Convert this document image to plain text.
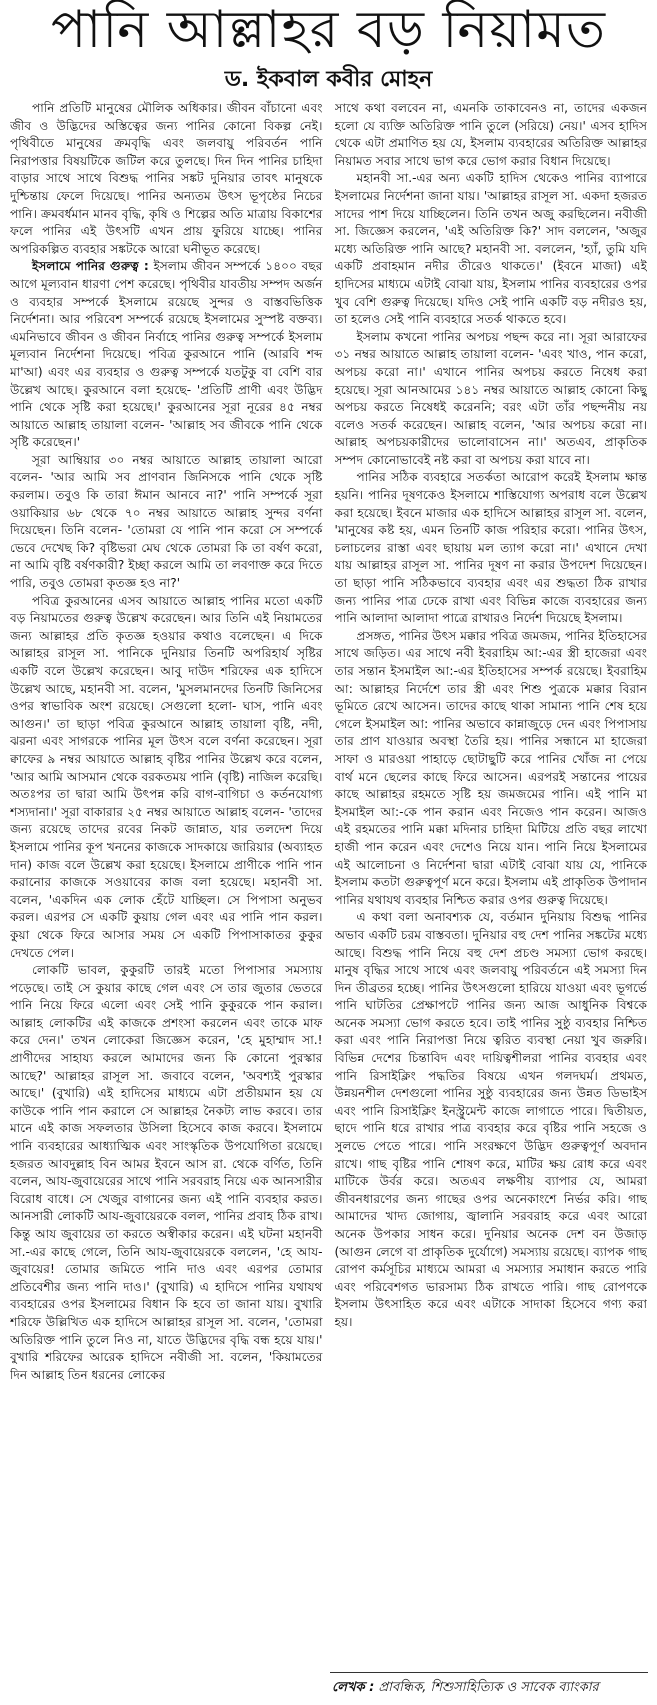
পানি আল্লাহর বড় নিয়ামত
ড. ইকবাল কবীর মোহন

পানি প্রতিটি মানুষের মৌলিক অধিকার। জীবন বাঁচানো এবং জীব ও উদ্ভিদের অস্তিত্বের জন্য পানির কোনো বিকল্প নেই। পৃথিবীতে মানুষের ক্রমবৃদ্ধি এবং জলবায়ু পরিবর্তন পানি নিরাপত্তার বিষয়টিকে জটিল করে তুলছে। দিন দিন পানির চাহিদা বাড়ার সাথে সাথে বিশুদ্ধ পানির সঙ্কট দুনিয়ার তাবৎ মানুষকে দুশ্চিন্তায় ফেলে দিয়েছে। পানির অন্যতম উৎস ভূপৃষ্ঠের নিচের পানি। ক্রমবর্ধমান মানব বৃদ্ধি, কৃষি ও শিল্পের অতি মাত্রায় বিকাশের ফলে পানির এই উৎসটি এখন প্রায় ফুরিয়ে যাচ্ছে। পানির অপরিকল্পিত ব্যবহার সঙ্কটকে আরো ঘনীভূত করেছে।

ইসলামে পানির গুরুত্ব : ইসলাম জীবন সম্পর্কে ১৪০০ বছর আগে মূল্যবান ধারণা পেশ করেছে। পৃথিবীর যাবতীয় সম্পদ অর্জন ও ব্যবহার সম্পর্কে ইসলামে রয়েছে সুন্দর ও বাস্তবভিত্তিক নির্দেশনা। আর পরিবেশ সম্পর্কে রয়েছে ইসলামের সুস্পষ্ট বক্তব্য। এমনিভাবে জীবন ও জীবন নির্বাহে পানির গুরুত্ব সম্পর্কে ইসলাম মূল্যবান নির্দেশনা দিয়েছে। পবিত্র কুরআনে পানি (আরবি শব্দ মা'আ) এবং এর ব্যবহার ও গুরুত্ব সম্পর্কে যতটুকু বা বেশি বার উল্লেখ আছে। কুরআনে বলা হয়েছে- 'প্রতিটি প্রাণী এবং উদ্ভিদ পানি থেকে সৃষ্টি করা হয়েছে।' কুরআনের সূরা নূরের ৪৫ নম্বর আয়াতে আল্লাহ তায়ালা বলেন- 'আল্লাহ সব জীবকে পানি থেকে সৃষ্টি করেছেন।'

সূরা আম্বিয়ার ৩০ নম্বর আয়াতে আল্লাহ তায়ালা আরো বলেন- 'আর আমি সব প্রাণবান জিনিসকে পানি থেকে সৃষ্টি করলাম। তবুও কি তারা ঈমান আনবে না?' পানি সম্পর্কে সূরা ওয়াকিয়ার ৬৮ থেকে ৭০ নম্বর আয়াতে আল্লাহ সুন্দর বর্ণনা দিয়েছেন। তিনি বলেন- 'তোমরা যে পানি পান করো সে সম্পর্কে ভেবে দেখেছ কি? বৃষ্টিভরা মেঘ থেকে তোমরা কি তা বর্ষণ করো, না আমি বৃষ্টি বর্ষণকারী? ইচ্ছা করলে আমি তা লবণাক্ত করে দিতে পারি, তবুও তোমরা কৃতজ্ঞ হও না?'

পবিত্র কুরআনের এসব আয়াতে আল্লাহ পানির মতো একটি বড় নিয়ামতের গুরুত্ব উল্লেখ করেছেন। আর তিনি এই নিয়ামতের জন্য আল্লাহর প্রতি কৃতজ্ঞ হওয়ার কথাও বলেছেন। এ দিকে আল্লাহর রাসূল সা. পানিকে দুনিয়ার তিনটি অপরিহার্য সৃষ্টির একটি বলে উল্লেখ করেছেন। আবু দাউদ শরিফের এক হাদিসে উল্লেখ আছে, মহানবী সা. বলেন, 'মুসলমানদের তিনটি জিনিসের ওপর স্বাভাবিক অংশ রয়েছে। সেগুলো হলো- ঘাস, পানি এবং আগুন।' তা ছাড়া পবিত্র কুরআনে আল্লাহ তায়ালা বৃষ্টি, নদী, ঝরনা এবং সাগরকে পানির মূল উৎস বলে বর্ণনা করেছেন। সূরা ক্বাফের ৯ নম্বর আয়াতে আল্লাহ বৃষ্টির পানির উল্লেখ করে বলেন, 'আর আমি আসমান থেকে বরকতময় পানি (বৃষ্টি) নাজিল করেছি। অতঃপর তা দ্বারা আমি উৎপন্ন করি বাগ-বাগিচা ও কর্তনযোগ্য শস্যদানা।' সূরা বাকারার ২৫ নম্বর আয়াতে আল্লাহ বলেন- 'তাদের জন্য রয়েছে তাদের রবের নিকট জান্নাত, যার তলদেশ দিয়ে ইসলামে পানির কূপ খননের কাজকে সাদকায়ে জারিয়ার (অব্যাহত দান) কাজ বলে উল্লেখ করা হয়েছে। ইসলামে প্রাণীকে পানি পান করানোর কাজকে সওয়াবের কাজ বলা হয়েছে। মহানবী সা. বলেন, 'একদিন এক লোক হেঁটে যাচ্ছিল। সে পিপাসা অনুভব করল। এরপর সে একটি কুয়ায় গেল এবং এর পানি পান করল। কুয়া থেকে ফিরে আসার সময় সে একটি পিপাসাকাতর কুকুর দেখতে পেল।

লোকটি ভাবল, কুকুরটি তারই মতো পিপাসার সমস্যায় পড়েছে। তাই সে কুয়ার কাছে গেল এবং সে তার জুতার ভেতরে পানি নিয়ে ফিরে এলো এবং সেই পানি কুকুরকে পান করাল। আল্লাহ লোকটির এই কাজকে প্রশংসা করলেন এবং তাকে মাফ করে দেন।' তখন লোকেরা জিজ্ঞেস করেন, 'হে মুহাম্মাদ সা.! প্রাণীদের সাহায্য করলে আমাদের জন্য কি কোনো পুরস্কার আছে?' আল্লাহর রাসূল সা. জবাবে বলেন, 'অবশ্যই পুরস্কার আছে।' (বুখারি) এই হাদিসের মাধ্যমে এটা প্রতীয়মান হয় যে কাউকে পানি পান করালে সে আল্লাহর নৈকট্য লাভ করবে। তার মানে এই কাজ সফলতার উসিলা হিসেবে কাজ করবে। ইসলামে পানি ব্যবহারের আধ্যাত্মিক এবং সাংস্কৃতিক উপযোগিতা রয়েছে। হজরত আবদুল্লাহ বিন আমর ইবনে আস রা. থেকে বর্ণিত, তিনি বলেন, আয-জুবায়েরের সাথে পানি সরবরাহ নিয়ে এক আনসারীর বিরোধ বাধে। সে খেজুর বাগানের জন্য এই পানি ব্যবহার করত। আনসারী লোকটি আয-জুবায়েরকে বলল, পানির প্রবাহ ঠিক রাখ। কিন্তু আয জুবায়ের তা করতে অস্বীকার করেন। এই ঘটনা মহানবী সা.-এর কাছে গেলে, তিনি আয-জুবায়েরকে বললেন, 'হে আয-জুবায়ের! তোমার জমিতে পানি দাও এবং এরপর তোমার প্রতিবেশীর জন্য পানি দাও।' (বুখারি) এ হাদিসে পানির যথাযথ ব্যবহারের ওপর ইসলামের বিধান কি হবে তা জানা যায়। বুখারি শরিফে উল্লিখিত এক হাদিসে আল্লাহর রাসূল সা. বলেন, 'তোমরা অতিরিক্ত পানি তুলে নিও না, যাতে উদ্ভিদের বৃদ্ধি বন্ধ হয়ে যায়।' বুখারি শরিফের আরেক হাদিসে নবীজী সা. বলেন, 'কিয়ামতের দিন আল্লাহ তিন ধরনের লোকের

সাথে কথা বলবেন না, এমনকি তাকাবেনও না, তাদের একজন হলো যে ব্যক্তি অতিরিক্ত পানি তুলে (সরিয়ে) নেয়।' এসব হাদিস থেকে এটা প্রমাণিত হয় যে, ইসলাম ব্যবহারের অতিরিক্ত আল্লাহর নিয়ামত সবার সাথে ভাগ করে ভোগ করার বিধান দিয়েছে।

মহানবী সা.-এর অন্য একটি হাদিস থেকেও পানির ব্যাপারে ইসলামের নির্দেশনা জানা যায়। 'আল্লাহর রাসূল সা. একদা হজরত সাদের পাশ দিয়ে যাচ্ছিলেন। তিনি তখন অজু করছিলেন। নবীজী সা. জিজ্ঞেস করলেন, 'এই অতিরিক্ত কি?' সাদ বললেন, 'অজুর মধ্যে অতিরিক্ত পানি আছে? মহানবী সা. বললেন, 'হ্যাঁ, তুমি যদি একটি প্রবাহমান নদীর তীরেও থাকতে।' (ইবনে মাজা) এই হাদিসের মাধ্যমে এটাই বোঝা যায়, ইসলাম পানির ব্যবহারের ওপর খুব বেশি গুরুত্ব দিয়েছে। যদিও সেই পানি একটি বড় নদীরও হয়, তা হলেও সেই পানি ব্যবহারে সতর্ক থাকতে হবে।

ইসলাম কখনো পানির অপচয় পছন্দ করে না। সূরা আরাফের ৩১ নম্বর আয়াতে আল্লাহ তায়ালা বলেন- 'এবং খাও, পান করো, অপচয় করো না।' এখানে পানির অপচয় করতে নিষেধ করা হয়েছে। সূরা আনআমের ১৪১ নম্বর আয়াতে আল্লাহ কোনো কিছু অপচয় করতে নিষেধই করেননি; বরং এটা তাঁর পছন্দনীয় নয় বলেও সতর্ক করেছেন। আল্লাহ বলেন, 'আর অপচয় করো না। আল্লাহ অপচয়কারীদের ভালোবাসেন না।' অতএব, প্রাকৃতিক সম্পদ কোনোভাবেই নষ্ট করা বা অপচয় করা যাবে না।

পানির সঠিক ব্যবহারে সতর্কতা আরোপ করেই ইসলাম ক্ষান্ত হয়নি। পানির দূষণকেও ইসলামে শাস্তিযোগ্য অপরাধ বলে উল্লেখ করা হয়েছে। ইবনে মাজার এক হাদিসে আল্লাহর রাসূল সা. বলেন, 'মানুষের কষ্ট হয়, এমন তিনটি কাজ পরিহার করো। পানির উৎস, চলাচলের রাস্তা এবং ছায়ায় মল ত্যাগ করো না।' এখানে দেখা যায় আল্লাহর রাসূল সা. পানির দূষণ না করার উপদেশ দিয়েছেন। তা ছাড়া পানি সঠিকভাবে ব্যবহার এবং এর শুদ্ধতা ঠিক রাখার জন্য পানির পাত্র ঢেকে রাখা এবং বিভিন্ন কাজে ব্যবহারের জন্য পানি আলাদা আলাদা পাত্রে রাখারও নির্দেশ দিয়েছে ইসলাম।

প্রসঙ্গত, পানির উৎস মক্কার পবিত্র জমজম, পানির ইতিহাসের সাথে জড়িত। এর সাথে নবী ইবরাহিম আ:-এর স্ত্রী হাজেরা এবং তার সন্তান ইসমাইল আ:-এর ইতিহাসের সম্পর্ক রয়েছে। ইবরাহিম আ: আল্লাহর নির্দেশে তার স্ত্রী এবং শিশু পুত্রকে মক্কার বিরান ভূমিতে রেখে আসেন। তাদের কাছে থাকা সামান্য পানি শেষ হয়ে গেলে ইসমাইল আ: পানির অভাবে কান্নাজুড়ে দেন এবং পিপাসায় তার প্রাণ যাওয়ার অবস্থা তৈরি হয়। পানির সন্ধানে মা হাজেরা সাফা ও মারওয়া পাহাড়ে ছোটাছুটি করে পানির খোঁজ না পেয়ে বার্থ মনে ছেলের কাছে ফিরে আসেন। এরপরই সন্তানের পায়ের কাছে আল্লাহর রহমতে সৃষ্টি হয় জমজমের পানি। এই পানি মা ইসমাইল আ:-কে পান করান এবং নিজেও পান করেন। আজও এই রহমতের পানি মক্কা মদিনার চাহিদা মিটিয়ে প্রতি বছর লাখো হাজী পান করেন এবং দেশেও নিয়ে যান। পানি নিয়ে ইসলামের এই আলোচনা ও নির্দেশনা দ্বারা এটাই বোঝা যায় যে, পানিকে ইসলাম কতটা গুরুত্বপূর্ণ মনে করে। ইসলাম এই প্রাকৃতিক উপাদান পানির যথাযথ ব্যবহার নিশ্চিত করার ওপর গুরুত্ব দিয়েছে।

এ কথা বলা অনাবশ্যক যে, বর্তমান দুনিয়ায় বিশুদ্ধ পানির অভাব একটি চরম বাস্তবতা। দুনিয়ার বহু দেশ পানির সঙ্কটের মধ্যে আছে। বিশুদ্ধ পানি নিয়ে বহু দেশ প্রচণ্ড সমস্যা ভোগ করছে। মানুষ বৃদ্ধির সাথে সাথে এবং জলবায়ু পরিবর্তনে এই সমস্যা দিন দিন তীব্রতর হচ্ছে। পানির উৎসগুলো হারিয়ে যাওয়া এবং ভূগর্ভে পানি ঘাটতির প্রেক্ষাপটে পানির জন্য আজ আধুনিক বিশ্বকে অনেক সমস্যা ভোগ করতে হবে। তাই পানির সুষ্ঠু ব্যবহার নিশ্চিত করা এবং পানি নিরাপত্তা নিয়ে ত্বরিত ব্যবস্থা নেয়া খুব জরুরি। বিভিন্ন দেশের চিন্তাবিদ এবং দায়িত্বশীলরা পানির ব্যবহার এবং পানি রিসাইক্লিং পদ্ধতির বিষয়ে এখন গলদঘর্ম। প্রথমত, উন্নয়নশীল দেশগুলো পানির সুষ্ঠু ব্যবহারের জন্য উন্নত ডিভাইস এবং পানি রিসাইক্লিং ইনস্ট্রুমেন্ট কাজে লাগাতে পারে। দ্বিতীয়ত, ছাদে পানি ধরে রাখার পাত্র ব্যবহার করে বৃষ্টির পানি সহজে ও সুলভে পেতে পারে। পানি সংরক্ষণে উদ্ভিদ গুরুত্বপূর্ণ অবদান রাখে। গাছ বৃষ্টির পানি শোষণ করে, মাটির ক্ষয় রোধ করে এবং মাটিকে উর্বর করে। অতএব লক্ষণীয় ব্যাপার যে, আমরা জীবনধারণের জন্য গাছের ওপর অনেকাংশে নির্ভর করি। গাছ আমাদের খাদ্য জোগায়, জ্বালানি সরবরাহ করে এবং আরো অনেক উপকার সাধন করে। দুনিয়ার অনেক দেশ বন উজাড় (আগুন লেগে বা প্রাকৃতিক দুর্যোগে) সমস্যায় রয়েছে। ব্যাপক গাছ রোপণ কর্মসূচির মাধ্যমে আমরা এ সমস্যার সমাধান করতে পারি এবং পরিবেশগত ভারসাম্য ঠিক রাখতে পারি। গাছ রোপণকে ইসলাম উৎসাহিত করে এবং এটাকে সাদাকা হিসেবে গণ্য করা হয়।

লেখক : প্রাবন্ধিক, শিশুসাহিত্যিক ও সাবেক ব্যাংকার
